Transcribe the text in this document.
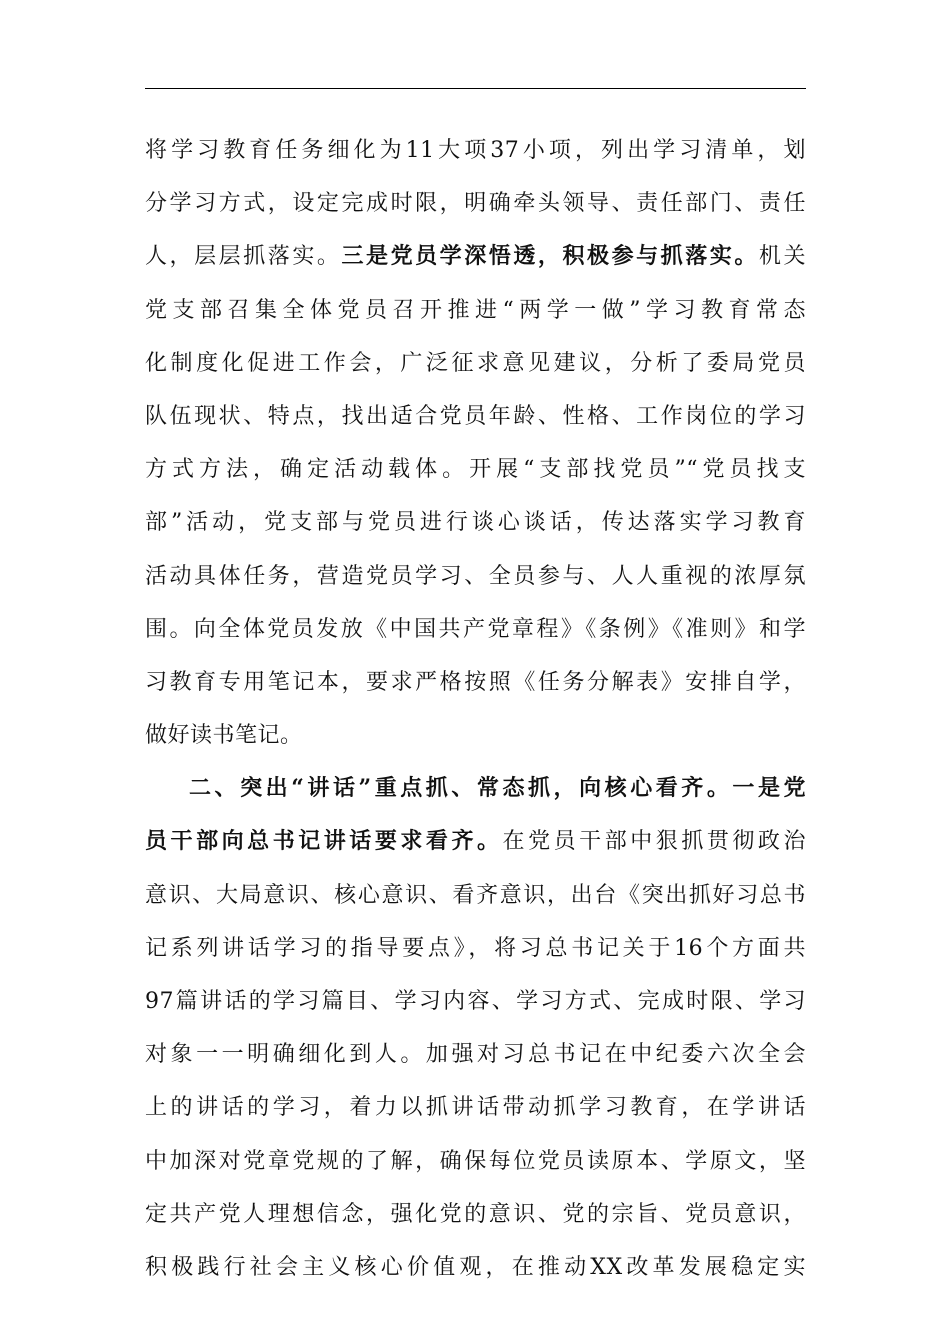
将学习教育任务细化为11大项37小项，列出学习清单，划
分学习方式，设定完成时限，明确牵头领导、责任部门、责任
人，层层抓落实。三是党员学深悟透，积极参与抓落实。机关
党支部召集全体党员召开推进“两学一做”学习教育常态
化制度化促进工作会，广泛征求意见建议，分析了委局党员
队伍现状、特点，找出适合党员年龄、性格、工作岗位的学习
方式方法，确定活动载体。开展“支部找党员”“党员找支
部”活动，党支部与党员进行谈心谈话，传达落实学习教育
活动具体任务，营造党员学习、全员参与、人人重视的浓厚氛
围。向全体党员发放《中国共产党章程》《条例》《准则》和学
习教育专用笔记本，要求严格按照《任务分解表》安排自学，
做好读书笔记。
二、突出“讲话”重点抓、常态抓，向核心看齐。一是党
员干部向总书记讲话要求看齐。在党员干部中狠抓贯彻政治
意识、大局意识、核心意识、看齐意识，出台《突出抓好习总书
记系列讲话学习的指导要点》，将习总书记关于16个方面共
97篇讲话的学习篇目、学习内容、学习方式、完成时限、学习
对象一一明确细化到人。加强对习总书记在中纪委六次全会
上的讲话的学习，着力以抓讲话带动抓学习教育，在学讲话
中加深对党章党规的了解，确保每位党员读原本、学原文，坚
定共产党人理想信念，强化党的意识、党的宗旨、党员意识，
积极践行社会主义核心价值观，在推动XX改革发展稳定实
